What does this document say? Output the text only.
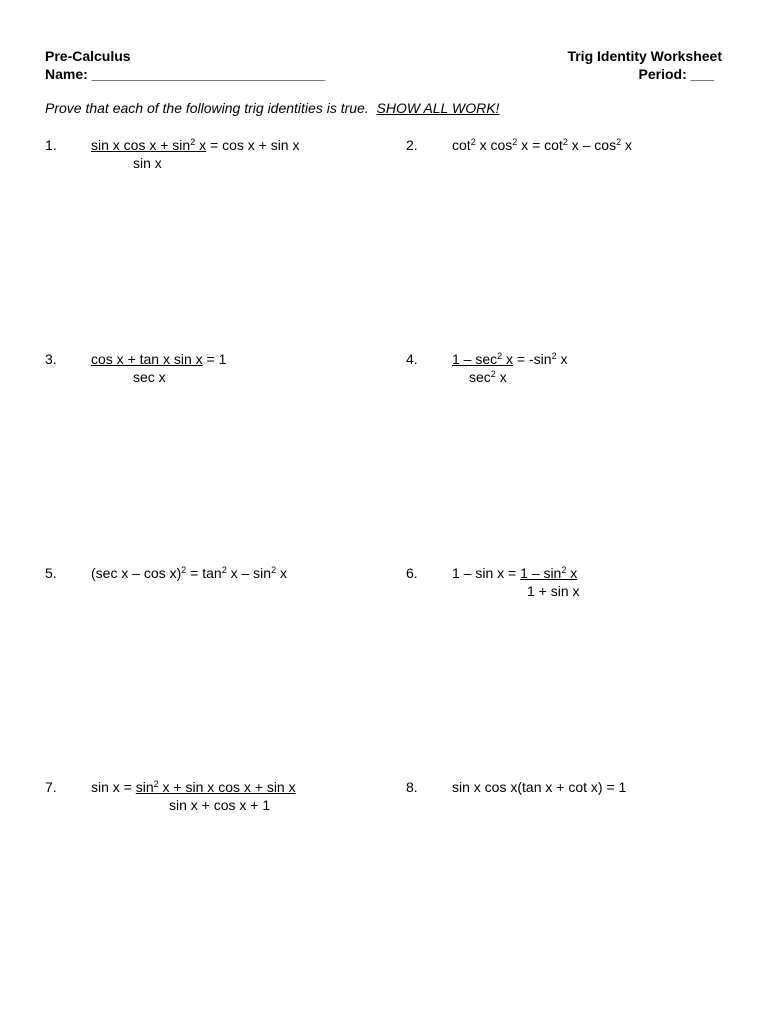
Pre-Calculus
Name: ______________________________
Trig Identity Worksheet
Period: ___
Prove that each of the following trig identities is true. SHOW ALL WORK!
1. sin x $\cos x + \sin^2 x = \cos x + \sin x$
sin x
2. $\cot^2 x$ $\cos^2 x = \cot^2 x - \cos^2 x$
3. cos x + tan x sin x = 1
sec x
4. $1 - \sec^2 x = -\sin^2$ x
$\sec^2 x$
5. (sec $x - \cos x)^2 = \tan^2 x - \sin^2 x$	6. $1 - \sin x = 1 - \sin^2 x$
1 + sin x
7. $\sin x = \sin^2 x + \sin x$ cos x + sin x
sin x + cos x + 1
8. sin x cos x(tan x + cot x) = 1
